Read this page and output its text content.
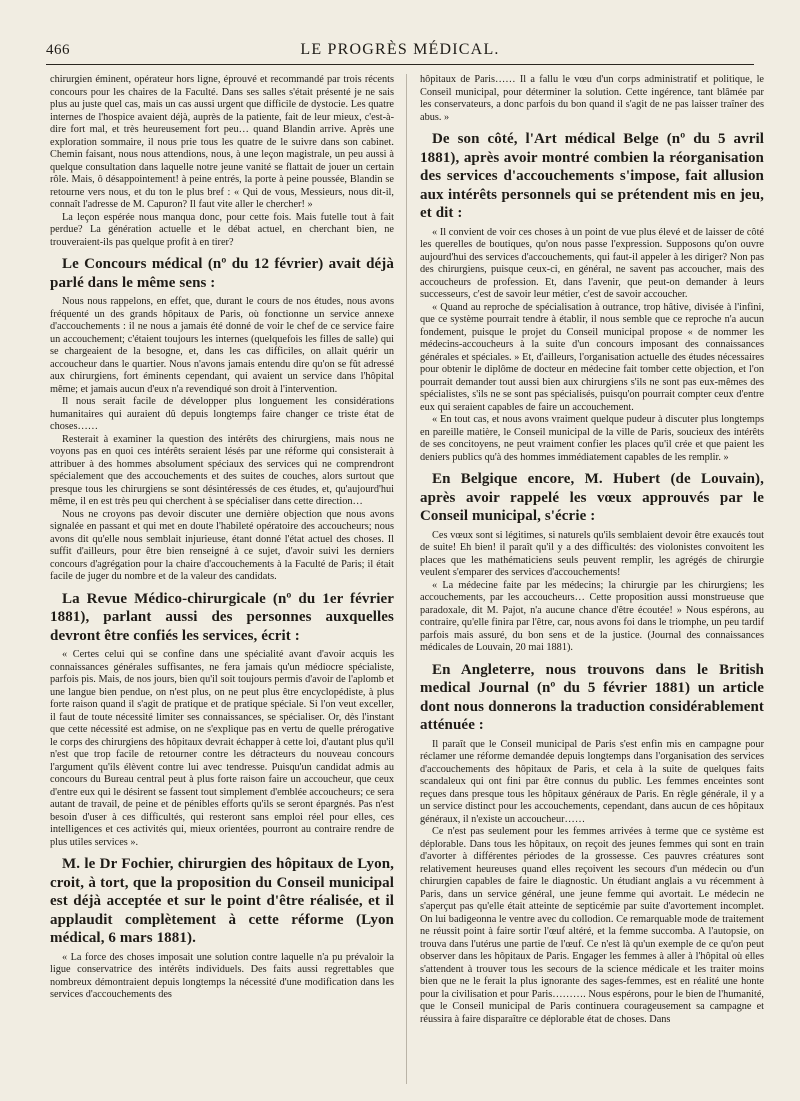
466	LE PROGRÈS MÉDICAL.

chirurgien éminent, opérateur hors ligne, éprouvé et recommandé par trois récents concours pour les chaires de la Faculté. Dans ses salles s'était présenté je ne sais plus au juste quel cas, mais un cas aussi urgent que difficile de dystocie. Les quatre internes de l'hospice avaient déjà, auprès de la patiente, fait de leur mieux, c'est-à-dire fort mal, et très heureusement fort peu… quand Blandin arrive. Après une exploration sommaire, il nous prie tous les quatre de le suivre dans son cabinet. Chemin faisant, nous nous attendions, nous, à une leçon magistrale, un peu aussi à quelque consultation dans laquelle notre jeune vanité se flattait de jouer un certain rôle. Mais, ô désappointement! à peine entrés, la porte à peine poussée, Blandin se retourne vers nous, et du ton le plus bref : « Qui de vous, Messieurs, nous dit-il, connaît l'adresse de M. Capuron? Il faut vite aller le chercher! »

La leçon espérée nous manqua donc, pour cette fois. Mais futelle tout à fait perdue? La génération actuelle et le débat actuel, en cherchant bien, ne trouveraient-ils pas quelque profit à en tirer?

Le Concours médical (nº du 12 février) avait déjà parlé dans le même sens :

Nous nous rappelons, en effet, que, durant le cours de nos études, nous avons fréquenté un des grands hôpitaux de Paris, où fonctionne un service annexe d'accouchements : il ne nous a jamais été donné de voir le chef de ce service faire un accouchement; c'étaient toujours les internes (quelquefois les filles de salle) qui se chargeaient de la besogne, et, dans les cas difficiles, on allait quérir un accoucheur dans le quartier. Nous n'avons jamais entendu dire qu'on se fût adressé aux chirurgiens, fort éminents cependant, qui avaient un service dans l'hôpital même; et jamais aucun d'eux n'a revendiqué son droit à l'intervention.

Il nous serait facile de développer plus longuement les considérations humanitaires qui auraient dû depuis longtemps faire changer ce triste état de choses……

Resterait à examiner la question des intérêts des chirurgiens, mais nous ne voyons pas en quoi ces intérêts seraient lésés par une réforme qui consisterait à attribuer à des hommes absolument spéciaux des services qui ne comprendront spécialement que des accouchements et des suites de couches, alors surtout que presque tous les chirurgiens se sont désintéressés de ces études, et, qu'aujourd'hui même, il en est très peu qui cherchent à se spécialiser dans cette direction…

Nous ne croyons pas devoir discuter une dernière objection que nous avons signalée en passant et qui met en doute l'habileté opératoire des accoucheurs; nous avons dit qu'elle nous semblait injurieuse, étant donné l'état actuel des choses. Il suffit d'ailleurs, pour être bien renseigné à ce sujet, d'avoir suivi les derniers concours d'agrégation pour la chaire d'accouchements à la Faculté de Paris; il était facile de juger du nombre et de la valeur des candidats.

La Revue Médico-chirurgicale (nº du 1er février 1881), parlant aussi des personnes auxquelles devront être confiés les services, écrit :

« Certes celui qui se confine dans une spécialité avant d'avoir acquis les connaissances générales suffisantes, ne fera jamais qu'un médiocre spécialiste, parfois pis. Mais, de nos jours, bien qu'il soit toujours permis d'avoir de l'aplomb et une langue bien pendue, on n'est plus, on ne peut plus être encyclopédiste, à plus forte raison quand il s'agit de pratique et de pratique spéciale. Si l'on veut exceller, il faut de toute nécessité limiter ses connaissances, se spécialiser. Or, dès l'instant que cette nécessité est admise, on ne s'explique pas en vertu de quelle prérogative le corps des chirurgiens des hôpitaux devrait échapper à cette loi, d'autant plus qu'il n'est que trop facile de retourner contre les détracteurs du nouveau concours l'argument qu'ils élèvent contre lui avec tendresse. Puisqu'un candidat admis au concours du Bureau central peut à plus forte raison faire un accoucheur, que ceux d'entre eux qui le désirent se fassent tout simplement d'emblée accoucheurs; ce sera autant de travail, de peine et de pénibles efforts qu'ils se seront épargnés. Pas n'est besoin d'user à ces difficultés, qui resteront sans emploi réel pour elles, ces intelligences et ces activités qui, mieux orientées, pourront au contraire rendre de plus utiles services ».

M. le Dr Fochier, chirurgien des hôpitaux de Lyon, croit, à tort, que la proposition du Conseil municipal est déjà acceptée et sur le point d'être réalisée, et il applaudit complètement à cette réforme (Lyon médical, 6 mars 1881).

« La force des choses imposait une solution contre laquelle n'a pu prévaloir la ligue conservatrice des intérêts individuels. Des faits aussi regrettables que nombreux démontraient depuis longtemps la nécessité d'une modification dans les services d'accouchements des

hôpitaux de Paris…… Il a fallu le vœu d'un corps administratif et politique, le Conseil municipal, pour déterminer la solution. Cette ingérence, tant blâmée par les conservateurs, a donc parfois du bon quand il s'agit de ne pas laisser traîner des abus. »

De son côté, l'Art médical Belge (nº du 5 avril 1881), après avoir montré combien la réorganisation des services d'accouchements s'impose, fait allusion aux intérêts personnels qui se prétendent mis en jeu, et dit :

« Il convient de voir ces choses à un point de vue plus élevé et de laisser de côté les querelles de boutiques, qu'on nous passe l'expression. Supposons qu'on ouvre aujourd'hui des services d'accouchements, qui faut-il appeler à les diriger? Non pas des chirurgiens, puisque ceux-ci, en général, ne savent pas accoucher, mais des accoucheurs de profession. Et, dans l'avenir, que peut-on demander à leurs successeurs, c'est de savoir leur métier, c'est de savoir accoucher.

« Quand au reproche de spécialisation à outrance, trop hâtive, divisée à l'infini, que ce système pourrait tendre à établir, il nous semble que ce reproche n'a aucun fondement, puisque le projet du Conseil municipal propose « de nommer les médecins-accoucheurs à la suite d'un concours imposant des connaissances générales et spéciales. » Et, d'ailleurs, l'organisation actuelle des études nécessaires pour obtenir le diplôme de docteur en médecine fait tomber cette objection, et l'on pourrait demander tout aussi bien aux chirurgiens s'ils ne sont pas eux-mêmes des spécialistes, s'ils ne se sont pas spécialisés, puisqu'on pourrait compter ceux d'entre eux qui seraient capables de faire un accouchement.

« En tout cas, et nous avons vraiment quelque pudeur à discuter plus longtemps en pareille matière, le Conseil municipal de la ville de Paris, soucieux des intérêts de ses concitoyens, ne peut vraiment confier les places qu'il crée et que paient les deniers publics qu'à des hommes immédiatement capables de les remplir. »

En Belgique encore, M. Hubert (de Louvain), après avoir rappelé les vœux approuvés par le Conseil municipal, s'écrie :

Ces vœux sont si légitimes, si naturels qu'ils semblaient devoir être exaucés tout de suite! Eh bien! il paraît qu'il y a des difficultés: des violonistes convoitent les places que les mathématiciens seuls peuvent remplir, les agrégés de chirurgie veulent s'emparer des services d'accouchements!

« La médecine faite par les médecins; la chirurgie par les chirurgiens; les accouchements, par les accoucheurs… Cette proposition aussi monstrueuse que paradoxale, dit M. Pajot, n'a aucune chance d'être écoutée! » Nous espérons, au contraire, qu'elle finira par l'être, car, nous avons foi dans le triomphe, un peu tardif parfois mais assuré, du bon sens et de la justice. (Journal des connaissances médicales de Louvain, 20 mai 1881).

En Angleterre, nous trouvons dans le British medical Journal (nº du 5 février 1881) un article dont nous donnerons la traduction considérablement atténuée :

Il paraît que le Conseil municipal de Paris s'est enfin mis en campagne pour réclamer une réforme demandée depuis longtemps dans l'organisation des services d'accouchements des hôpitaux de Paris, et cela à la suite de quelques faits scandaleux qui ont fini par être connus du public. Les femmes enceintes sont reçues dans presque tous les hôpitaux généraux de Paris. En règle générale, il y a un service distinct pour les accouchements, cependant, dans aucun de ces hôpitaux généraux, il n'existe un accoucheur……

Ce n'est pas seulement pour les femmes arrivées à terme que ce système est déplorable. Dans tous les hôpitaux, on reçoit des jeunes femmes qui sont en train d'avorter à différentes périodes de la grossesse. Ces pauvres créatures sont relativement heureuses quand elles reçoivent les secours d'un médecin ou d'un chirurgien capables de faire le diagnostic. Un étudiant anglais a vu récemment à Paris, dans un service général, une jeune femme qui avortait. Le médecin ne s'aperçut pas qu'elle était atteinte de septicémie par suite d'avortement incomplet. On lui badigeonna le ventre avec du collodion. Ce remarquable mode de traitement ne réussit point à faire sortir l'œuf altéré, et la femme succomba. A l'autopsie, on trouva dans l'utérus une partie de l'œuf. Ce n'est là qu'un exemple de ce qu'on peut observer dans les hôpitaux de Paris. Engager les femmes à aller à l'hôpital où elles s'attendent à trouver tous les secours de la science médicale et les traiter moins bien que ne le ferait la plus ignorante des sages-femmes, est en réalité une honte pour la civilisation et pour Paris………. Nous espérons, pour le bien de l'humanité, que le Conseil municipal de Paris continuera courageusement sa campagne et réussira à faire disparaître ce déplorable état de choses. Dans
